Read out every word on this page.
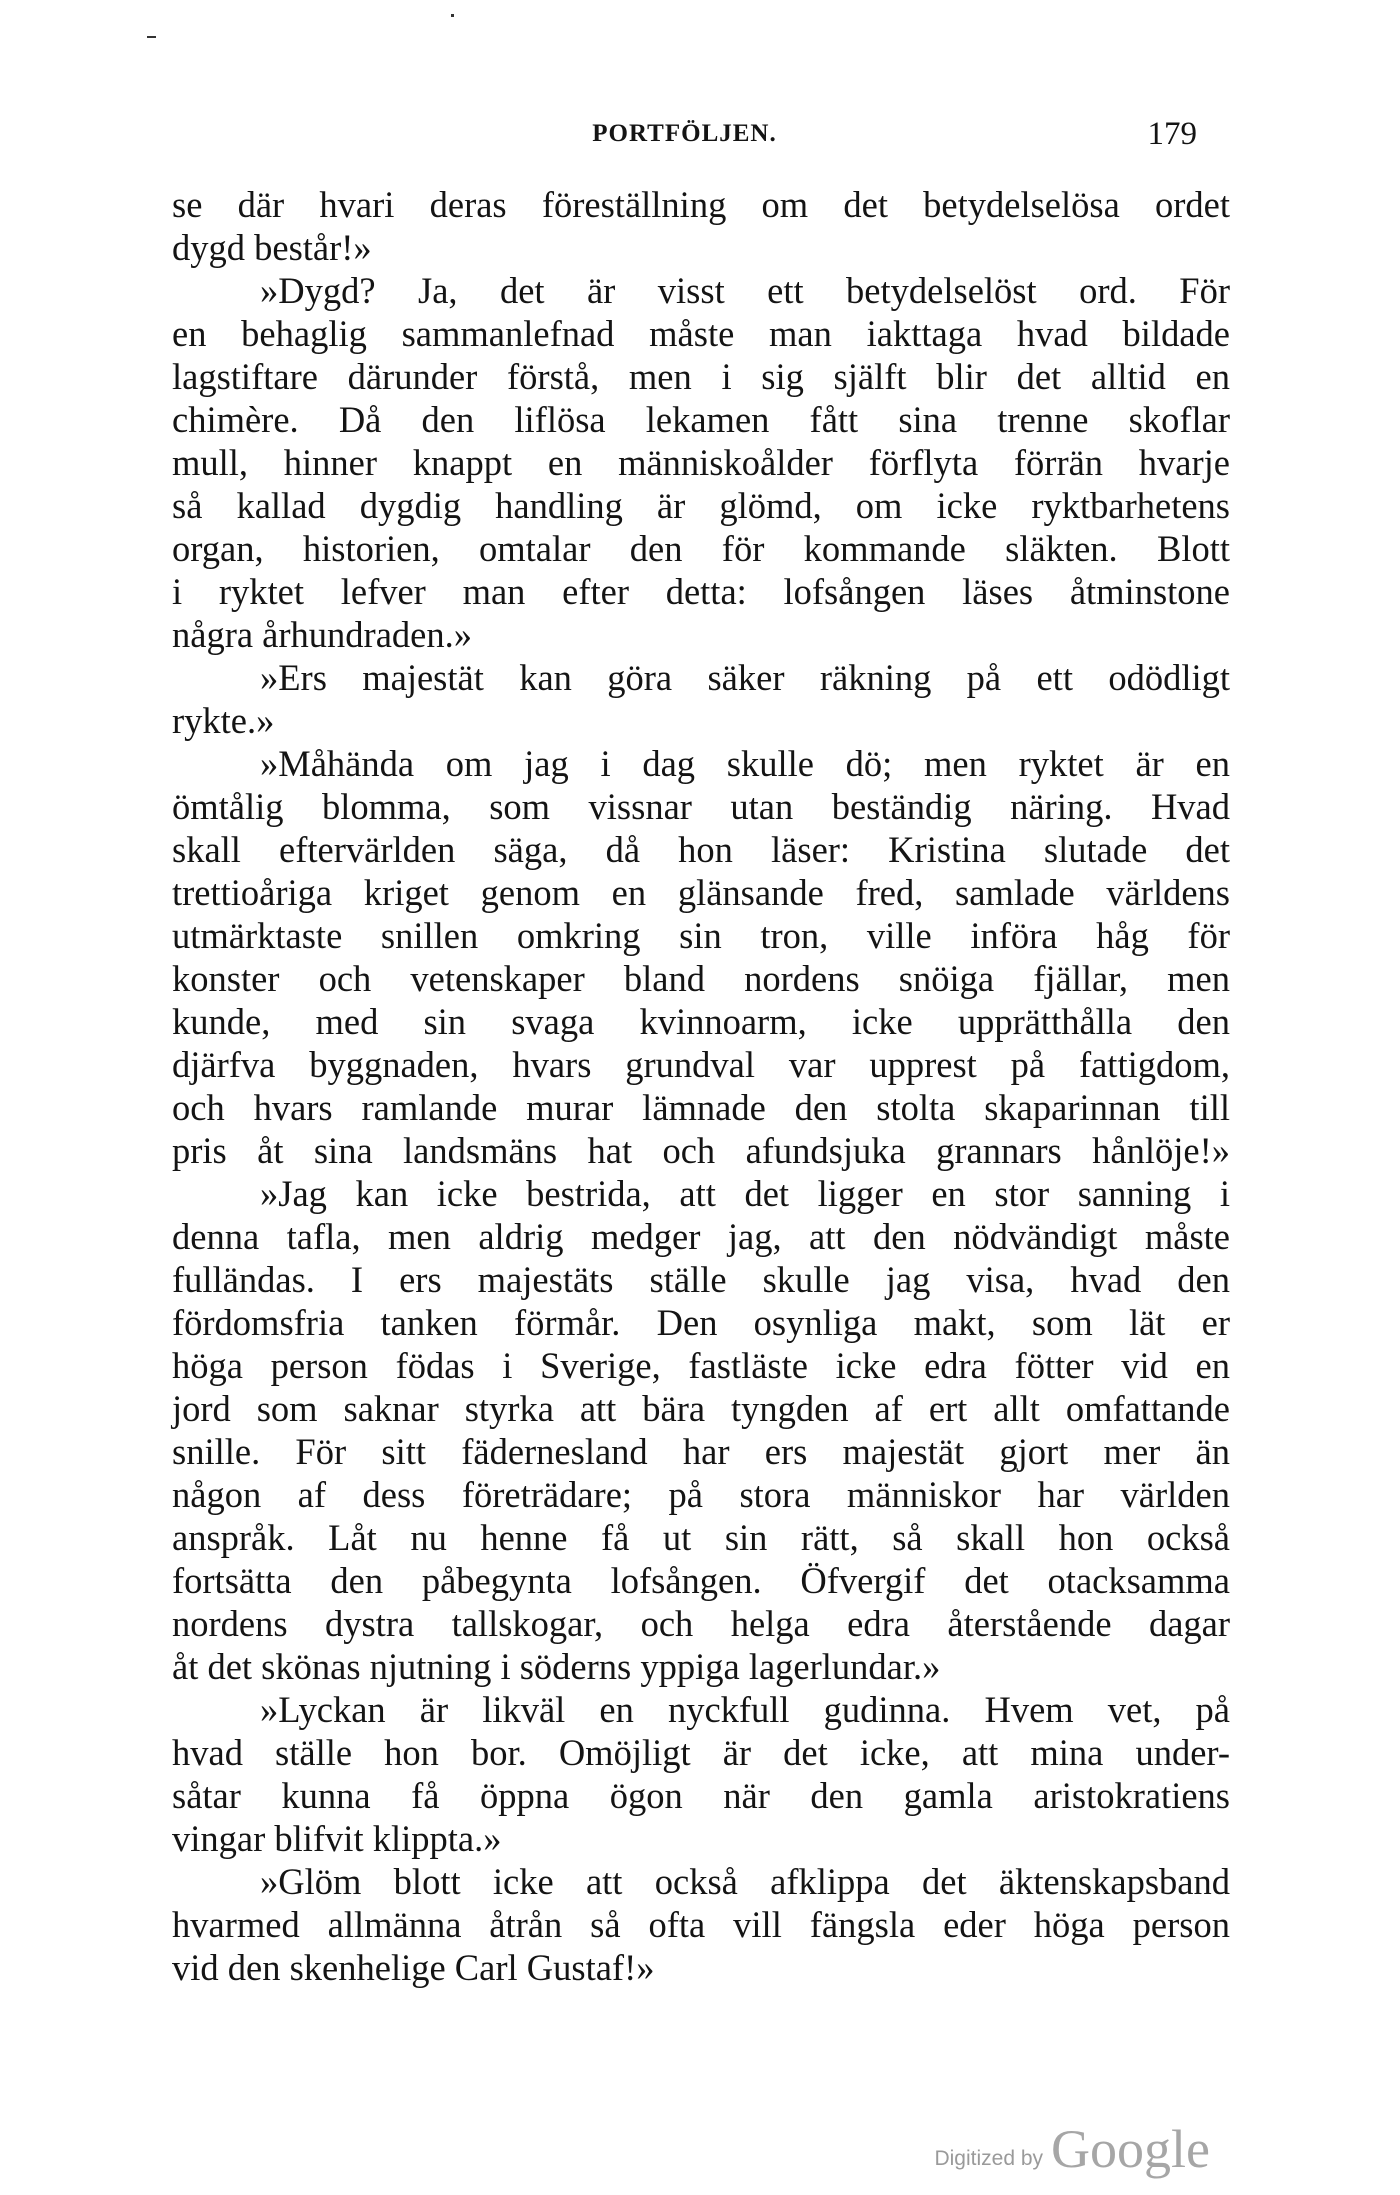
PORTFÖLJEN.	179
se där hvari deras föreställning om det betydelselösa ordet
dygd består!»
»Dygd? Ja, det är visst ett betydelselöst ord. För
en behaglig sammanlefnad måste man iakttaga hvad bildade
lagstiftare därunder förstå, men i sig själft blir det alltid en
chimère. Då den liflösa lekamen fått sina trenne skoflar
mull, hinner knappt en människoålder förflyta förrän hvarje
så kallad dygdig handling är glömd, om icke ryktbarhetens
organ, historien, omtalar den för kommande släkten. Blott
i ryktet lefver man efter detta: lofsången läses åtminstone
några århundraden.»
»Ers majestät kan göra säker räkning på ett odödligt
rykte.»
»Måhända om jag i dag skulle dö; men ryktet är en
ömtålig blomma, som vissnar utan beständig näring. Hvad
skall eftervärlden säga, då hon läser: Kristina slutade det
trettioåriga kriget genom en glänsande fred, samlade världens
utmärktaste snillen omkring sin tron, ville införa håg för
konster och vetenskaper bland nordens snöiga fjällar, men
kunde, med sin svaga kvinnoarm, icke upprätthålla den
djärfva byggnaden, hvars grundval var upprest på fattigdom,
och hvars ramlande murar lämnade den stolta skaparinnan till
pris åt sina landsmäns hat och afundsjuka grannars hånlöje!»
»Jag kan icke bestrida, att det ligger en stor sanning i
denna tafla, men aldrig medger jag, att den nödvändigt måste
fulländas. I ers majestäts ställe skulle jag visa, hvad den
fördomsfria tanken förmår. Den osynliga makt, som lät er
höga person födas i Sverige, fastläste icke edra fötter vid en
jord som saknar styrka att bära tyngden af ert allt omfattande
snille. För sitt fädernesland har ers majestät gjort mer än
någon af dess företrädare; på stora människor har världen
anspråk. Låt nu henne få ut sin rätt, så skall hon också
fortsätta den påbegynta lofsången. Öfvergif det otacksamma
nordens dystra tallskogar, och helga edra återstående dagar
åt det skönas njutning i söderns yppiga lagerlundar.»
»Lyckan är likväl en nyckfull gudinna. Hvem vet, på
hvad ställe hon bor. Omöjligt är det icke, att mina under-
såtar kunna få öppna ögon när den gamla aristokratiens
vingar blifvit klippta.»
»Glöm blott icke att också afklippa det äktenskapsband
hvarmed allmänna åtrån så ofta vill fängsla eder höga person
vid den skenhelige Carl Gustaf!»
Digitized by Google
